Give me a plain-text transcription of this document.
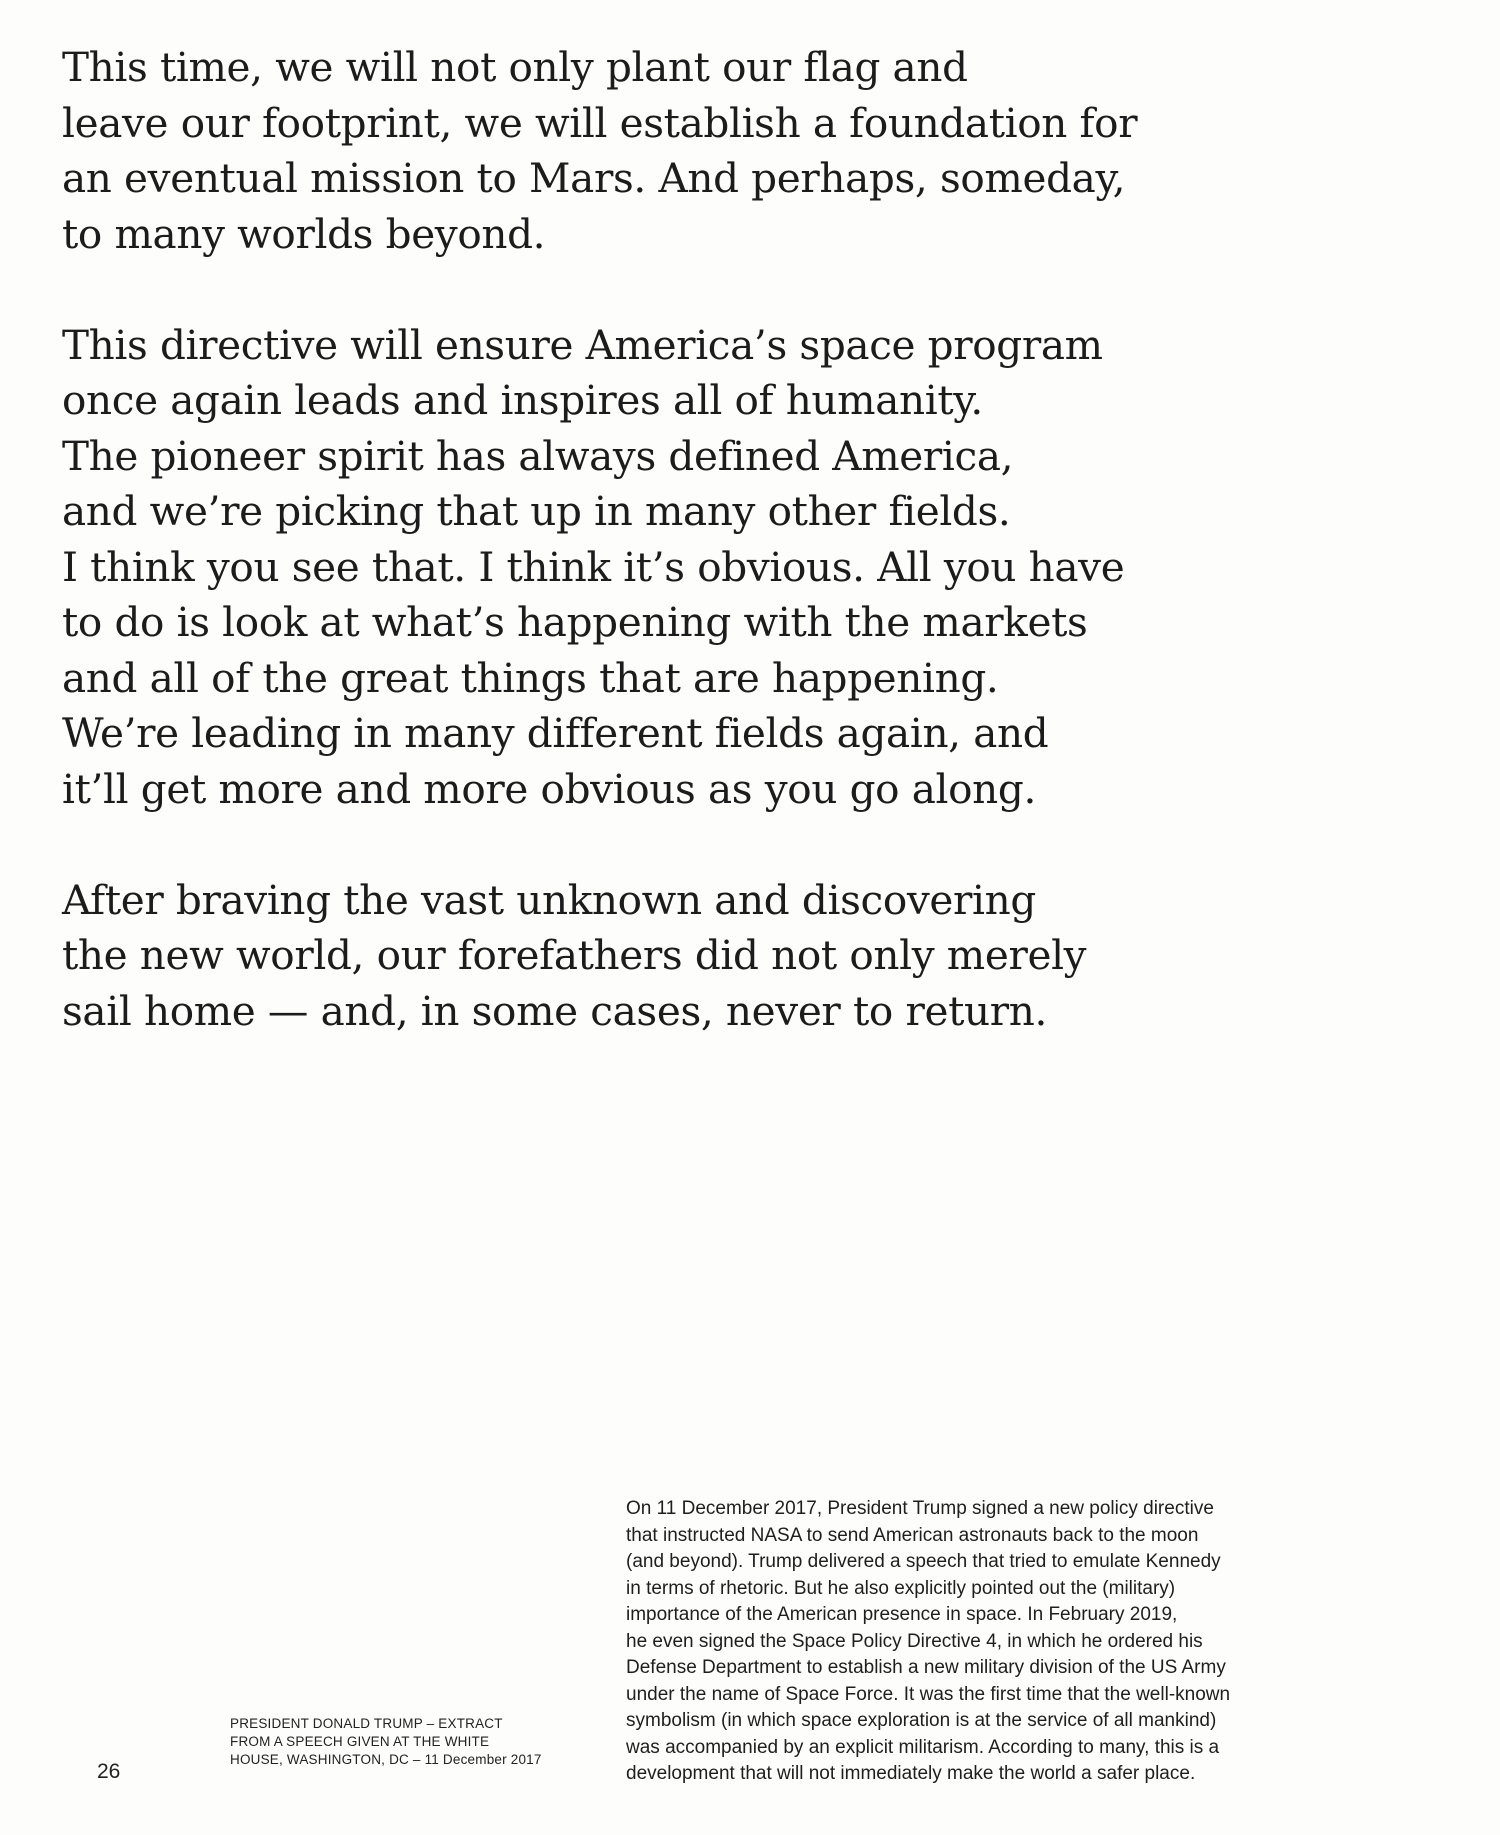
This time, we will not only plant our flag and
leave our footprint, we will establish a foundation for
an eventual mission to Mars. And perhaps, someday,
to many worlds beyond.

This directive will ensure America’s space program
once again leads and inspires all of humanity.
The pioneer spirit has always defined America,
and we’re picking that up in many other fields.
I think you see that. I think it’s obvious. All you have
to do is look at what’s happening with the markets
and all of the great things that are happening.
We’re leading in many different fields again, and
it’ll get more and more obvious as you go along.

After braving the vast unknown and discovering
the new world, our forefathers did not only merely
sail home — and, in some cases, never to return.

26
PRESIDENT DONALD TRUMP – EXTRACT
FROM A SPEECH GIVEN AT THE WHITE
HOUSE, WASHINGTON, DC – 11 December 2017
On 11 December 2017, President Trump signed a new policy directive
that instructed NASA to send American astronauts back to the moon
(and beyond). Trump delivered a speech that tried to emulate Kennedy
in terms of rhetoric. But he also explicitly pointed out the (military)
importance of the American presence in space. In February 2019,
he even signed the Space Policy Directive 4, in which he ordered his
Defense Department to establish a new military division of the US Army
under the name of Space Force. It was the first time that the well-known
symbolism (in which space exploration is at the service of all mankind)
was accompanied by an explicit militarism. According to many, this is a
development that will not immediately make the world a safer place.
